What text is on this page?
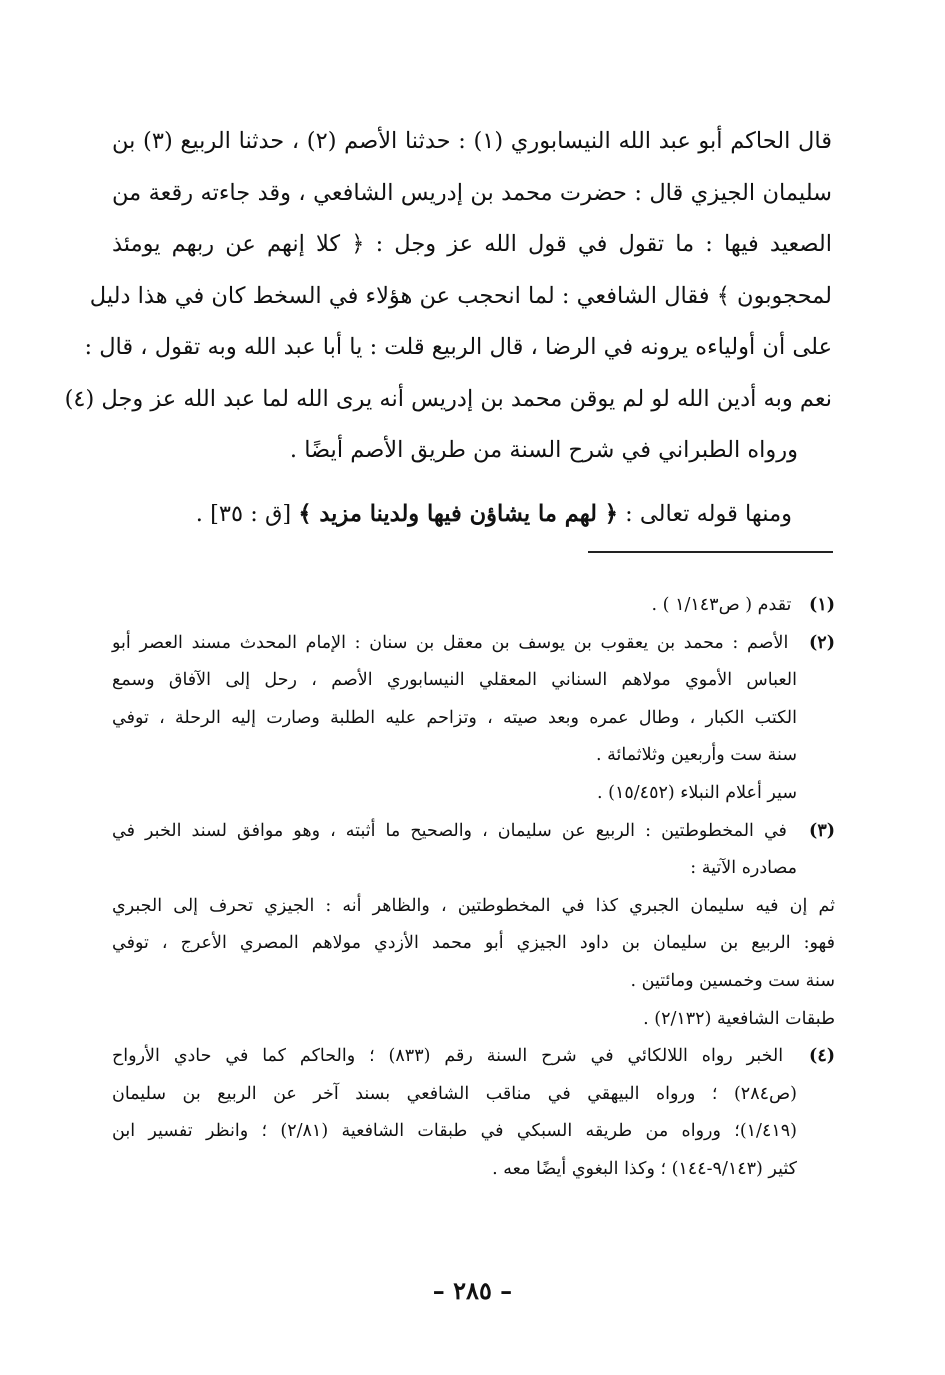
قال الحاكم أبو عبد الله النيسابوري (١) : حدثنا الأصم (٢) ، حدثنا الربيع (٣) بن
سليمان الجيزي قال : حضرت محمد بن إدريس الشافعي ، وقد جاءته رقعة من
الصعيد فيها : ما تقول في قول الله عز وجل : ﴿ كلا إنهم عن ربهم يومئذ
لمحجوبون ﴾ فقال الشافعي : لما انحجب عن هؤلاء في السخط كان في هذا دليل
على أن أولياءه يرونه في الرضا ، قال الربيع قلت : يا أبا عبد الله وبه تقول ، قال :
نعم وبه أدين الله لو لم يوقن محمد بن إدريس أنه يرى الله لما عبد الله عز وجل (٤)
ورواه الطبراني في شرح السنة من طريق الأصم أيضًا .
ومنها قوله تعالى : ﴿ لهم ما يشاؤن فيها ولدينا مزيد ﴾ [ق : ٣٥] .
(١) تقدم ( ص١/١٤٣ ) .
(٢) الأصم : محمد بن يعقوب بن يوسف بن معقل بن سنان : الإمام المحدث مسند العصر أبو
العباس الأموي مولاهم السناني المعقلي النيسابوري الأصم ، رحل إلى الآفاق وسمع
الكتب الكبار ، وطال عمره وبعد صيته ، وتزاحم عليه الطلبة وصارت إليه الرحلة ، توفي
سنة ست وأربعين وثلاثمائة .
سير أعلام النبلاء (١٥/٤٥٢) .
(٣) في المخطوطتين : الربيع عن سليمان ، والصحيح ما أثبته ، وهو موافق لسند الخبر في
مصادره الآتية :
ثم إن فيه سليمان الجبري كذا في المخطوطتين ، والظاهر أنه : الجيزي تحرف إلى الجبري
فهو: الربيع بن سليمان بن داود الجيزي أبو محمد الأزدي مولاهم المصري الأعرج ، توفي
سنة ست وخمسين ومائتين .
طبقات الشافعية (٢/١٣٢) .
(٤) الخبر رواه اللالكائي في شرح السنة رقم (٨٣٣) ؛ والحاكم كما في حادي الأرواح
(ص٢٨٤) ؛ ورواه البيهقي في مناقب الشافعي بسند آخر عن الربيع بن سليمان
(١/٤١٩)؛ ورواه من طريقه السبكي في طبقات الشافعية (٢/٨١) ؛ وانظر تفسير ابن
كثير (٩/١٤٣-١٤٤) ؛ وكذا البغوي أيضًا معه .
– ٢٨٥ –
